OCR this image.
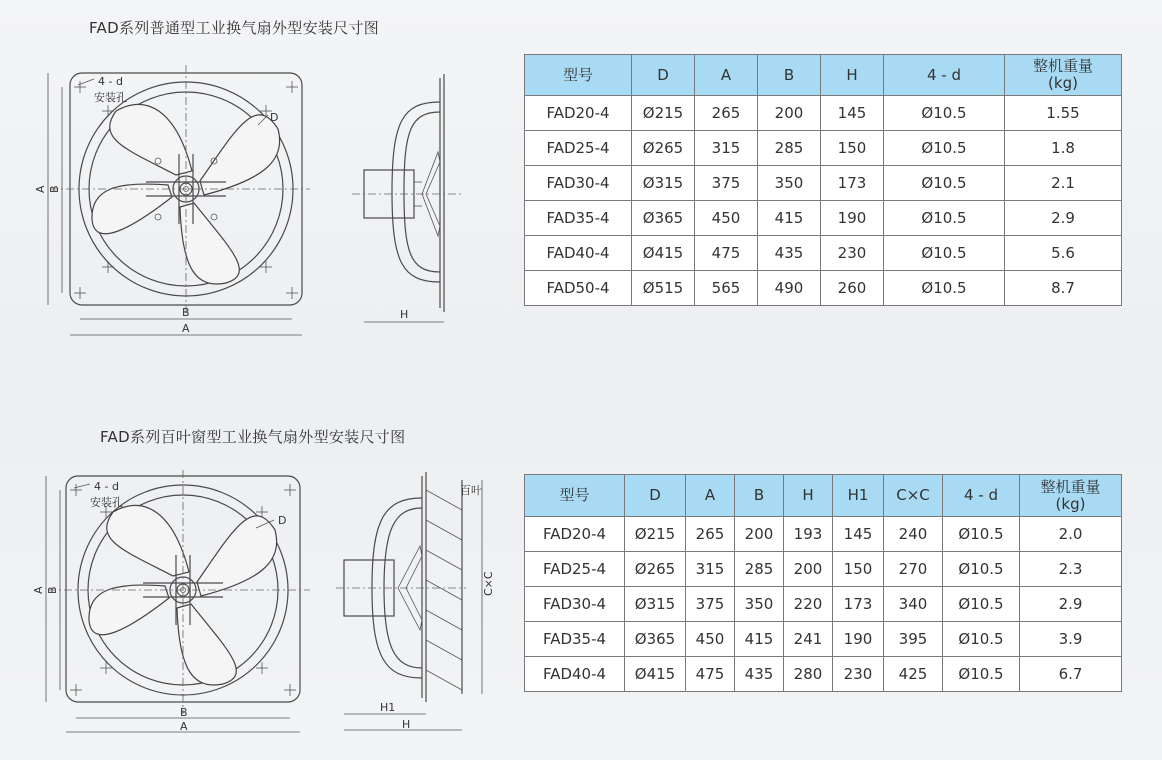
FAD系列普通型工业换气扇外型安装尺寸图
4 - d
安装孔
D
A B
B
A
H
型号	D	A	B	H	4 - d	整机重量
(kg)
FAD20-4	Ø215	265	200	145	Ø10.5	1.55
FAD25-4	Ø265	315	285	150	Ø10.5	1.8
FAD30-4	Ø315	375	350	173	Ø10.5	2.1
FAD35-4	Ø365	450	415	190	Ø10.5	2.9
FAD40-4	Ø415	475	435	230	Ø10.5	5.6
FAD50-4	Ø515	565	490	260	Ø10.5	8.7
FAD系列百叶窗型工业换气扇外型安装尺寸图
4 - d
安装孔
D
A B
B
A
百叶
C×C
H1
H
型号	D	A	B	H	H1	C×C	4 - d	整机重量
(kg)
FAD20-4	Ø215	265	200	193	145	240	Ø10.5	2.0
FAD25-4	Ø265	315	285	200	150	270	Ø10.5	2.3
FAD30-4	Ø315	375	350	220	173	340	Ø10.5	2.9
FAD35-4	Ø365	450	415	241	190	395	Ø10.5	3.9
FAD40-4	Ø415	475	435	280	230	425	Ø10.5	6.7
